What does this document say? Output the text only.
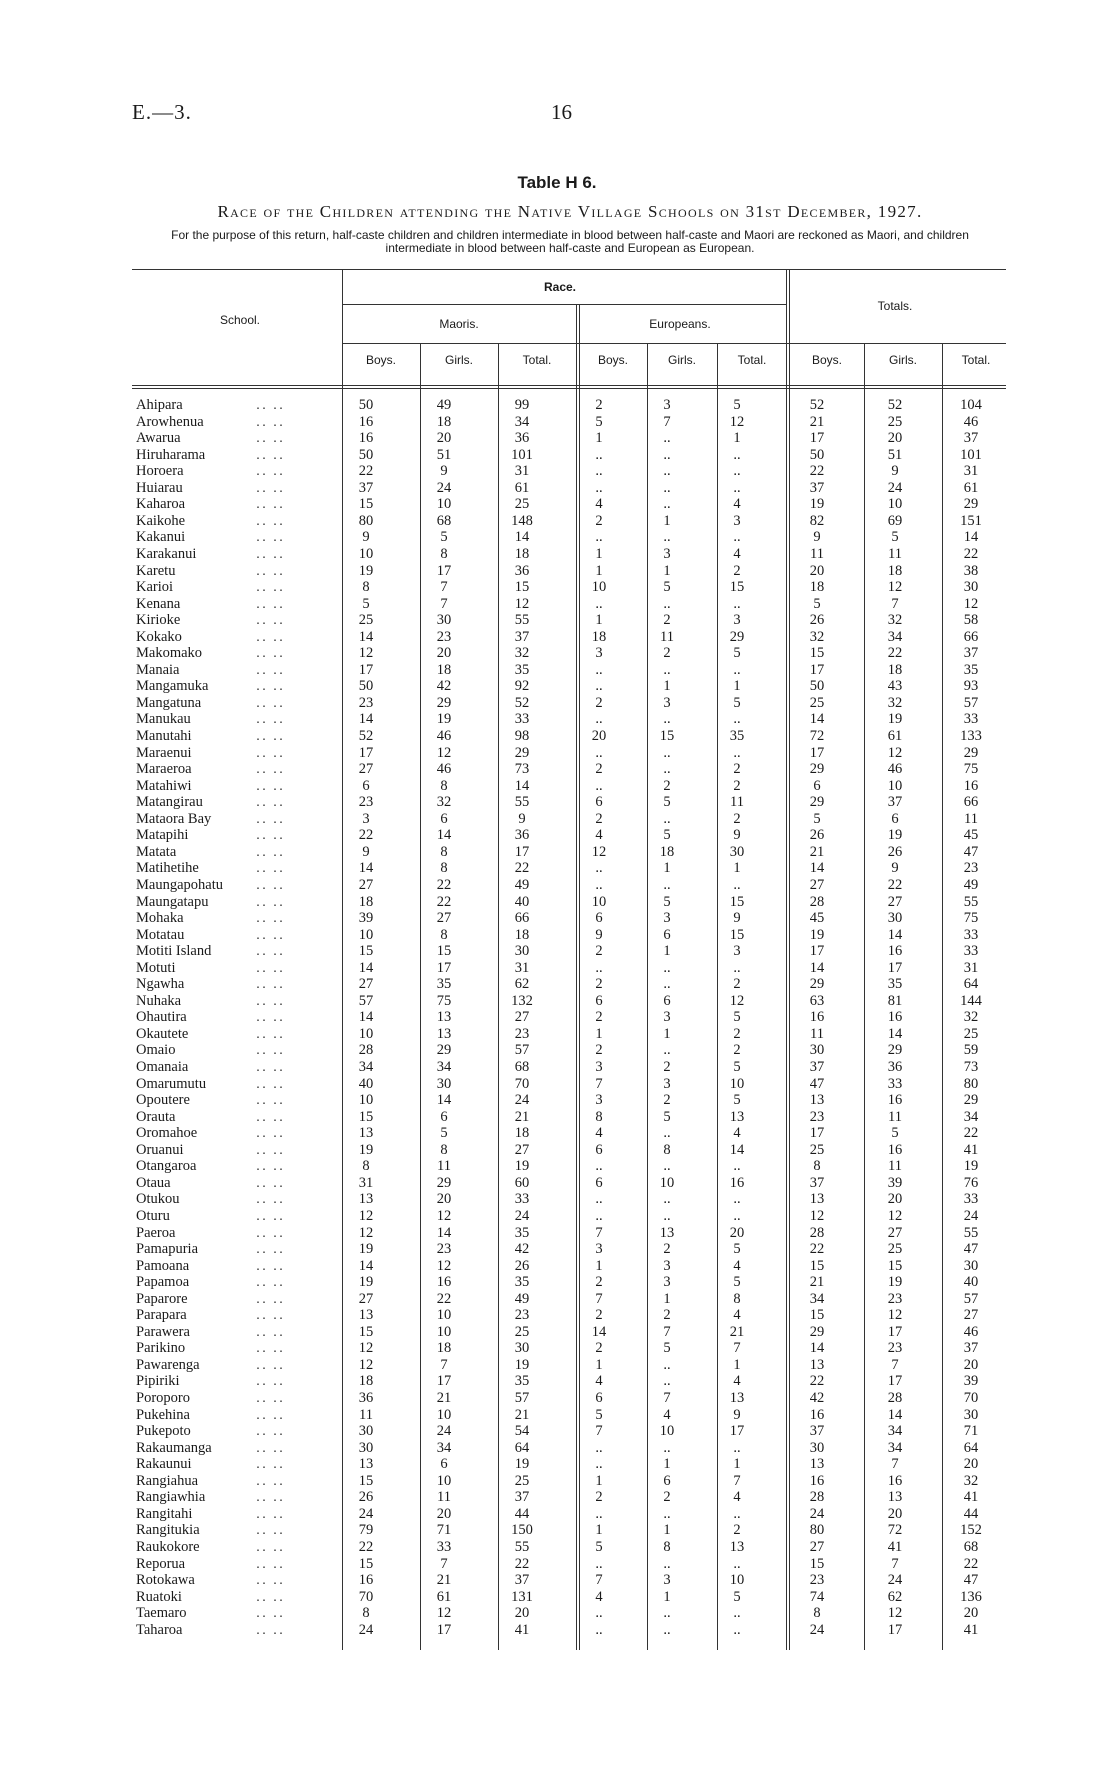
E.—3.	16
Table H 6.
Race of the Children attending the Native Village Schools on 31st December, 1927.
For the purpose of this return, half-caste children and children intermediate in blood between half-caste and Maori are reckoned as Maori, and children intermediate in blood between half-caste and European as European.
School.
Race.
Maoris.	Europeans.
Totals.
Boys.	Girls.	Total.	Boys.	Girls.	Total.	Boys.	Girls.	Total.
Ahipara	․․ ․․	50	49	99	2	3	5	52	52	104
Arowhenua	․․ ․․	16	18	34	5	7	12	21	25	46
Awarua	․․ ․․	16	20	36	1	..	1	17	20	37
Hiruharama	․․ ․․	50	51	101	..	..	..	50	51	101
Horoera	․․ ․․	22	9	31	..	..	..	22	9	31
Huiarau	․․ ․․	37	24	61	..	..	..	37	24	61
Kaharoa	․․ ․․	15	10	25	4	..	4	19	10	29
Kaikohe	․․ ․․	80	68	148	2	1	3	82	69	151
Kakanui	․․ ․․	9	5	14	..	..	..	9	5	14
Karakanui	․․ ․․	10	8	18	1	3	4	11	11	22
Karetu	․․ ․․	19	17	36	1	1	2	20	18	38
Karioi	․․ ․․	8	7	15	10	5	15	18	12	30
Kenana	․․ ․․	5	7	12	..	..	..	5	7	12
Kirioke	․․ ․․	25	30	55	1	2	3	26	32	58
Kokako	․․ ․․	14	23	37	18	11	29	32	34	66
Makomako	․․ ․․	12	20	32	3	2	5	15	22	37
Manaia	․․ ․․	17	18	35	..	..	..	17	18	35
Mangamuka	․․ ․․	50	42	92	..	1	1	50	43	93
Mangatuna	․․ ․․	23	29	52	2	3	5	25	32	57
Manukau	․․ ․․	14	19	33	..	..	..	14	19	33
Manutahi	․․ ․․	52	46	98	20	15	35	72	61	133
Maraenui	․․ ․․	17	12	29	..	..	..	17	12	29
Maraeroa	․․ ․․	27	46	73	2	..	2	29	46	75
Matahiwi	․․ ․․	6	8	14	..	2	2	6	10	16
Matangirau	․․ ․․	23	32	55	6	5	11	29	37	66
Mataora Bay	․․ ․․	3	6	9	2	..	2	5	6	11
Matapihi	․․ ․․	22	14	36	4	5	9	26	19	45
Matata	․․ ․․	9	8	17	12	18	30	21	26	47
Matihetihe	․․ ․․	14	8	22	..	1	1	14	9	23
Maungapohatu	․․ ․․	27	22	49	..	..	..	27	22	49
Maungatapu	․․ ․․	18	22	40	10	5	15	28	27	55
Mohaka	․․ ․․	39	27	66	6	3	9	45	30	75
Motatau	․․ ․․	10	8	18	9	6	15	19	14	33
Motiti Island	․․ ․․	15	15	30	2	1	3	17	16	33
Motuti	․․ ․․	14	17	31	..	..	..	14	17	31
Ngawha	․․ ․․	27	35	62	2	..	2	29	35	64
Nuhaka	․․ ․․	57	75	132	6	6	12	63	81	144
Ohautira	․․ ․․	14	13	27	2	3	5	16	16	32
Okautete	․․ ․․	10	13	23	1	1	2	11	14	25
Omaio	․․ ․․	28	29	57	2	..	2	30	29	59
Omanaia	․․ ․․	34	34	68	3	2	5	37	36	73
Omarumutu	․․ ․․	40	30	70	7	3	10	47	33	80
Opoutere	․․ ․․	10	14	24	3	2	5	13	16	29
Orauta	․․ ․․	15	6	21	8	5	13	23	11	34
Oromahoe	․․ ․․	13	5	18	4	..	4	17	5	22
Oruanui	․․ ․․	19	8	27	6	8	14	25	16	41
Otangaroa	․․ ․․	8	11	19	..	..	..	8	11	19
Otaua	․․ ․․	31	29	60	6	10	16	37	39	76
Otukou	․․ ․․	13	20	33	..	..	..	13	20	33
Oturu	․․ ․․	12	12	24	..	..	..	12	12	24
Paeroa	․․ ․․	12	14	35	7	13	20	28	27	55
Pamapuria	․․ ․․	19	23	42	3	2	5	22	25	47
Pamoana	․․ ․․	14	12	26	1	3	4	15	15	30
Papamoa	․․ ․․	19	16	35	2	3	5	21	19	40
Paparore	․․ ․․	27	22	49	7	1	8	34	23	57
Parapara	․․ ․․	13	10	23	2	2	4	15	12	27
Parawera	․․ ․․	15	10	25	14	7	21	29	17	46
Parikino	․․ ․․	12	18	30	2	5	7	14	23	37
Pawarenga	․․ ․․	12	7	19	1	..	1	13	7	20
Pipiriki	․․ ․․	18	17	35	4	..	4	22	17	39
Poroporo	․․ ․․	36	21	57	6	7	13	42	28	70
Pukehina	․․ ․․	11	10	21	5	4	9	16	14	30
Pukepoto	․․ ․․	30	24	54	7	10	17	37	34	71
Rakaumanga	․․ ․․	30	34	64	..	..	..	30	34	64
Rakaunui	․․ ․․	13	6	19	..	1	1	13	7	20
Rangiahua	․․ ․․	15	10	25	1	6	7	16	16	32
Rangiawhia	․․ ․․	26	11	37	2	2	4	28	13	41
Rangitahi	․․ ․․	24	20	44	..	..	..	24	20	44
Rangitukia	․․ ․․	79	71	150	1	1	2	80	72	152
Raukokore	․․ ․․	22	33	55	5	8	13	27	41	68
Reporua	․․ ․․	15	7	22	..	..	..	15	7	22
Rotokawa	․․ ․․	16	21	37	7	3	10	23	24	47
Ruatoki	․․ ․․	70	61	131	4	1	5	74	62	136
Taemaro	․․ ․․	8	12	20	..	..	..	8	12	20
Taharoa	․․ ․․	24	17	41	..	..	..	24	17	41
